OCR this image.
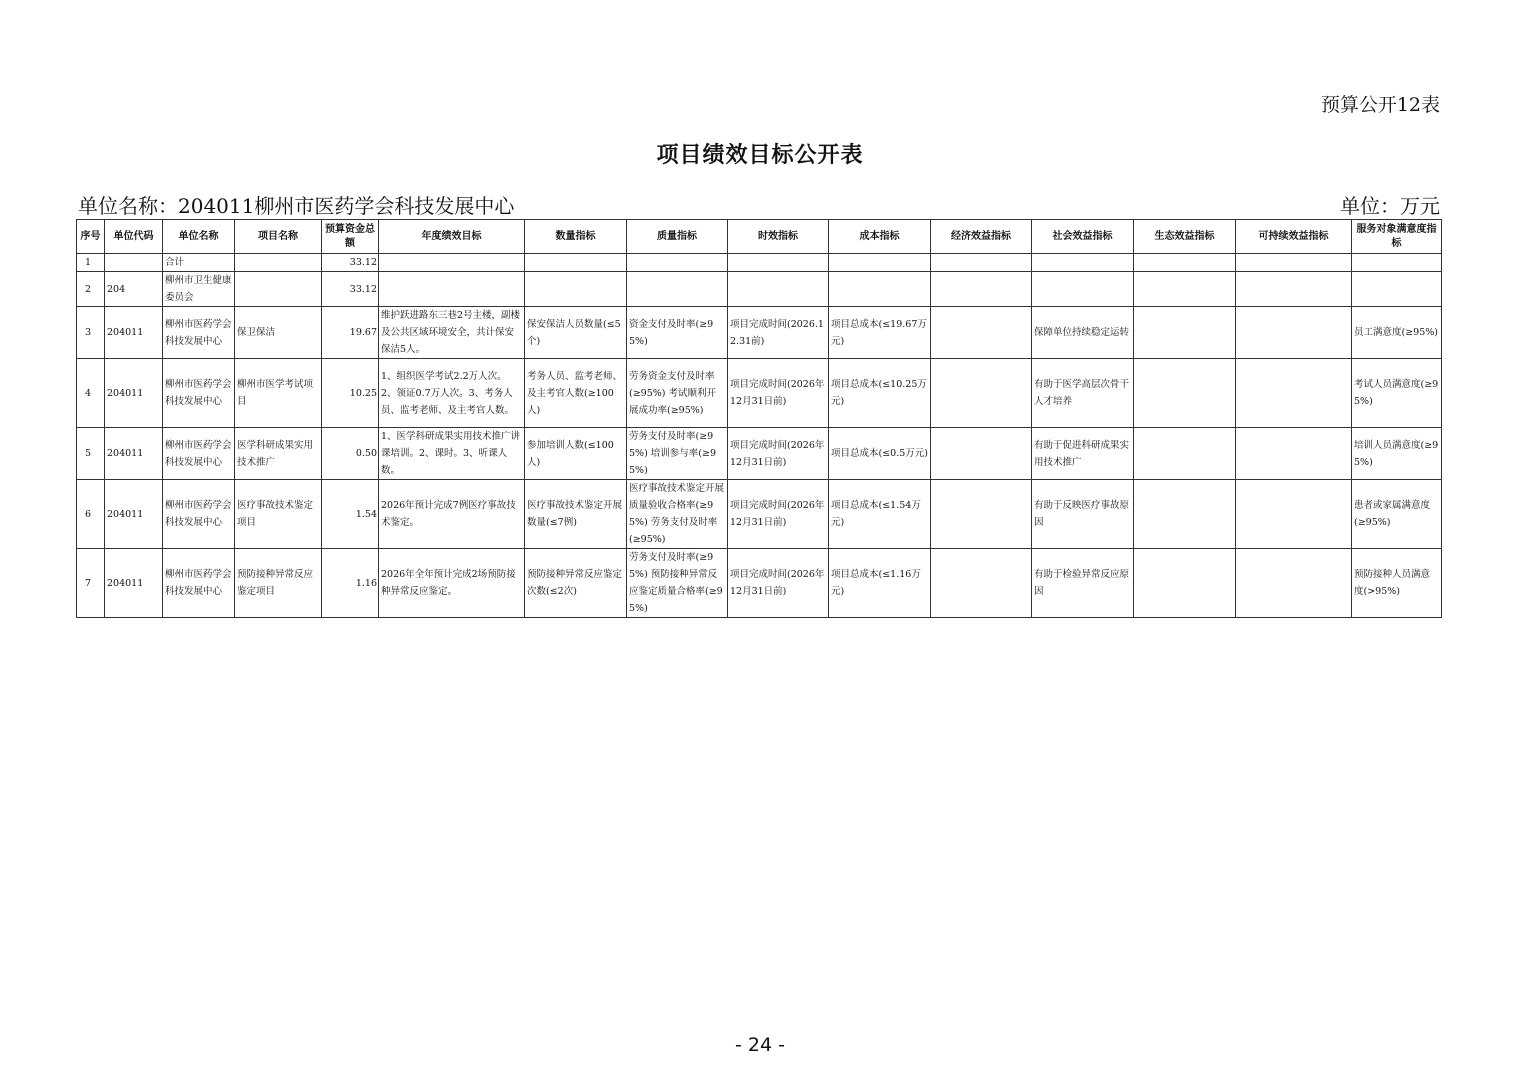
预算公开12表
项目绩效目标公开表
单位名称：204011柳州市医药学会科技发展中心	单位：万元
序号	单位代码	单位名称	项目名称	预算资金总额	年度绩效目标	数量指标	质量指标	时效指标	成本指标	经济效益指标	社会效益指标	生态效益指标	可持续效益指标	服务对象满意度指标
1		合计		33.12										
2	204	柳州市卫生健康委员会		33.12										
3	204011	柳州市医药学会科技发展中心	保卫保洁	19.67	维护跃进路东三巷2号主楼，副楼及公共区域环境安全，共计保安保洁5人。	保安保洁人员数量(≤5个)	资金支付及时率(≥95%)	项目完成时间(2026.12.31前)	项目总成本(≤19.67万元)		保障单位持续稳定运转			员工满意度(≥95%)
4	204011	柳州市医药学会科技发展中心	柳州市医学考试项目	10.25	1、组织医学考试2.2万人次。2、领证0.7万人次。3、考务人员、监考老师、及主考官人数。	考务人员、监考老师、及主考官人数(≥100人)	劳务资金支付及时率(≥95%) 考试顺利开展成功率(≥95%)	项目完成时间(2026年12月31日前)	项目总成本(≤10.25万元)		有助于医学高层次骨干人才培养			考试人员满意度(≥95%)
5	204011	柳州市医药学会科技发展中心	医学科研成果实用技术推广	0.50	1、医学科研成果实用技术推广讲课培训。2、课时。3、听课人数。	参加培训人数(≤100人)	劳务支付及时率(≥95%) 培训参与率(≥95%)	项目完成时间(2026年12月31日前)	项目总成本(≤0.5万元)		有助于促进科研成果实用技术推广			培训人员满意度(≥95%)
6	204011	柳州市医药学会科技发展中心	医疗事故技术鉴定项目	1.54	2026年预计完成7例医疗事故技术鉴定。	医疗事故技术鉴定开展数量(≤7例)	医疗事故技术鉴定开展质量验收合格率(≥95%) 劳务支付及时率(≥95%)	项目完成时间(2026年12月31日前)	项目总成本(≤1.54万元)		有助于反映医疗事故原因			患者或家属满意度(≥95%)
7	204011	柳州市医药学会科技发展中心	预防接种异常反应鉴定项目	1.16	2026年全年预计完成2场预防接种异常反应鉴定。	预防接种异常反应鉴定次数(≤2次)	劳务支付及时率(≥95%) 预防接种异常反应鉴定质量合格率(≥95%)	项目完成时间(2026年12月31日前)	项目总成本(≤1.16万元)		有助于检验异常反应原因			预防接种人员满意度(>95%)
- 24 -
